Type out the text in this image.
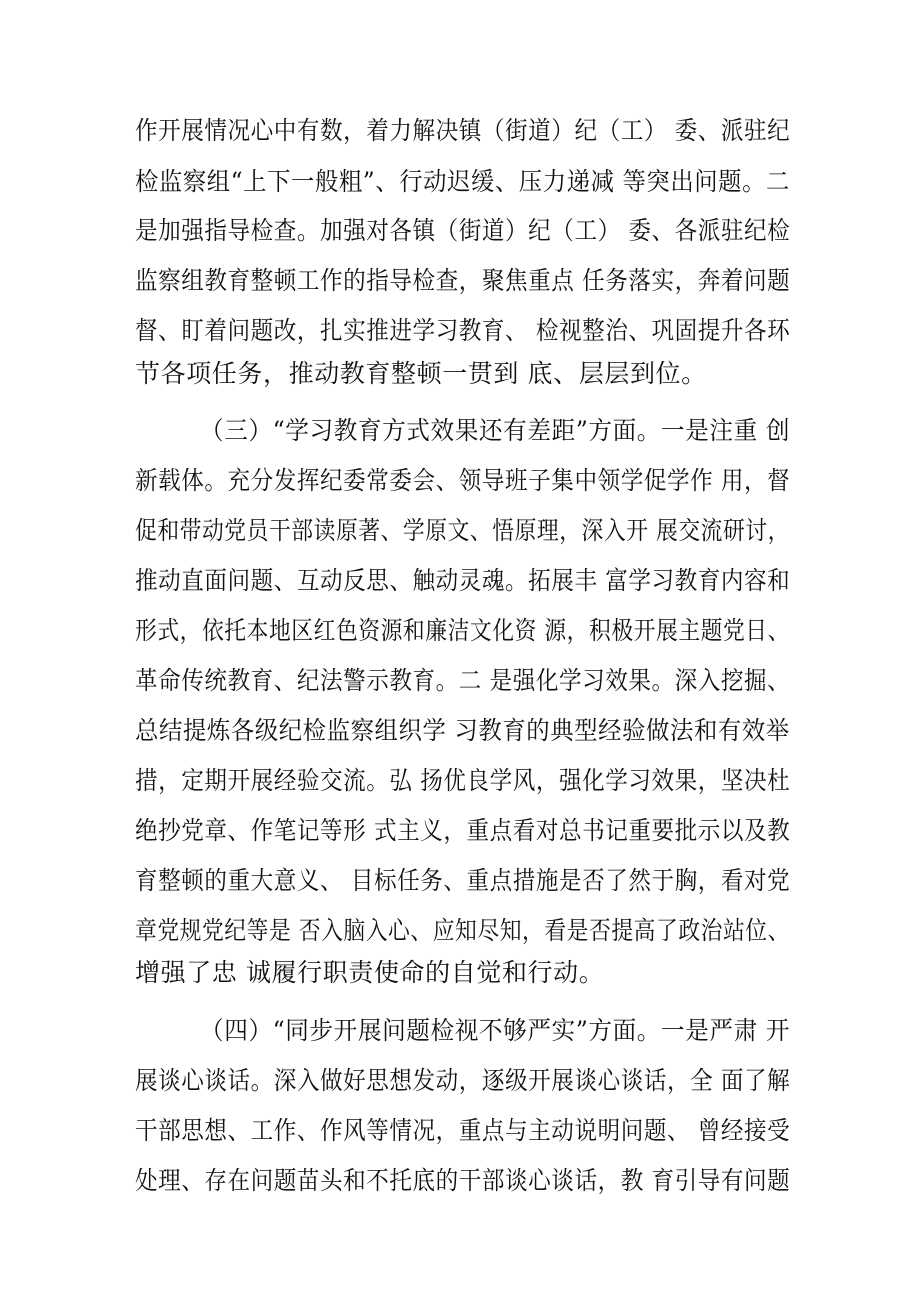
作开展情况心中有数，着力解决镇（街道）纪（工） 委、派驻纪
检监察组“上下一般粗”、行动迟缓、压力递减 等突出问题。二
是加强指导检查。加强对各镇（街道）纪（工） 委、各派驻纪检
监察组教育整顿工作的指导检查，聚焦重点 任务落实，奔着问题
督、盯着问题改，扎实推进学习教育、 检视整治、巩固提升各环
节各项任务，推动教育整顿一贯到 底、层层到位。
（三）“学习教育方式效果还有差距”方面。一是注重 创
新载体。充分发挥纪委常委会、领导班子集中领学促学作 用，督
促和带动党员干部读原著、学原文、悟原理，深入开 展交流研讨，
推动直面问题、互动反思、触动灵魂。拓展丰 富学习教育内容和
形式，依托本地区红色资源和廉洁文化资 源，积极开展主题党日、
革命传统教育、纪法警示教育。二 是强化学习效果。深入挖掘、
总结提炼各级纪检监察组织学 习教育的典型经验做法和有效举
措，定期开展经验交流。弘 扬优良学风，强化学习效果，坚决杜
绝抄党章、作笔记等形 式主义，重点看对总书记重要批示以及教
育整顿的重大意义、 目标任务、重点措施是否了然于胸，看对党
章党规党纪等是 否入脑入心、应知尽知，看是否提高了政治站位、
增强了忠 诚履行职责使命的自觉和行动。
（四）“同步开展问题检视不够严实”方面。一是严肃 开
展谈心谈话。深入做好思想发动，逐级开展谈心谈话，全 面了解
干部思想、工作、作风等情况，重点与主动说明问题、 曾经接受
处理、存在问题苗头和不托底的干部谈心谈话，教 育引导有问题
